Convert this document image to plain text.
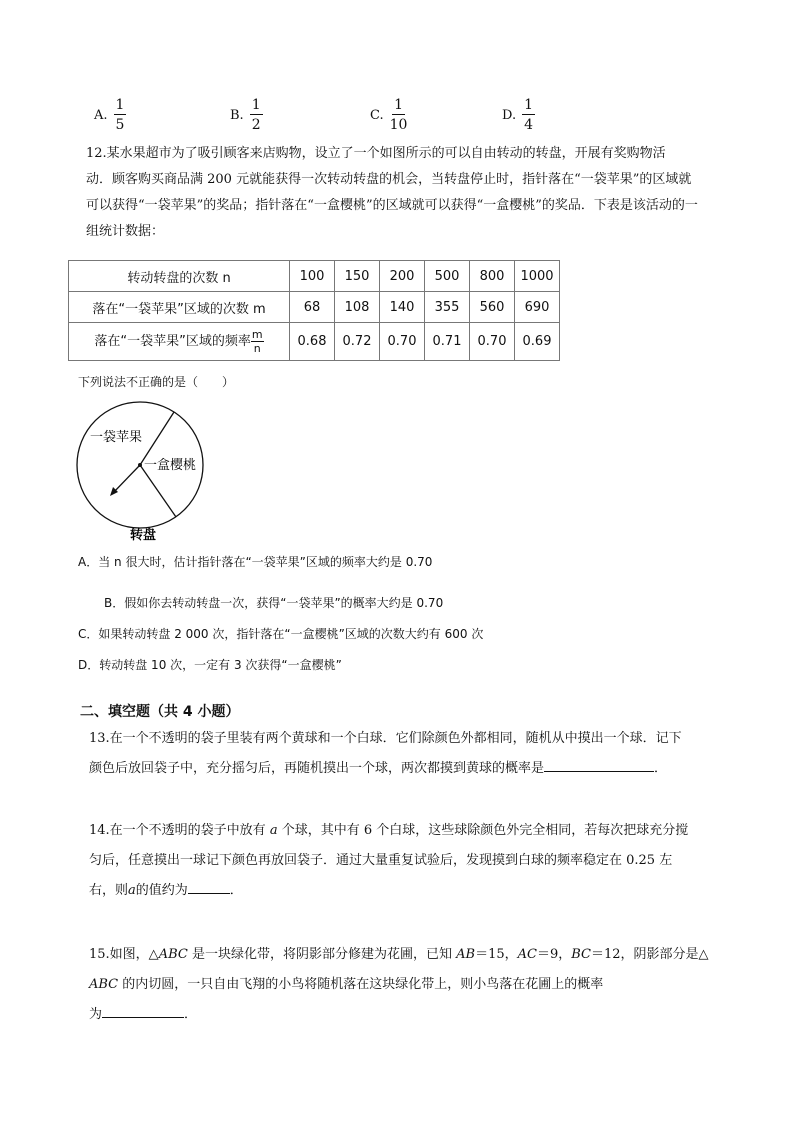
A. $\frac{1}{5}$	B. $\frac{1}{2}$	C. $\frac{1}{10}$	D. $\frac{1}{4}$
12.某水果超市为了吸引顾客来店购物，设立了一个如图所示的可以自由转动的转盘，开展有奖购物活
动．顾客购买商品满 200 元就能获得一次转动转盘的机会，当转盘停止时，指针落在“一袋苹果”的区域就
可以获得“一袋苹果”的奖品；指针落在“一盒樱桃”的区域就可以获得“一盒樱桃”的奖品．下表是该活动的一
组统计数据：
转动转盘的次数 n	100	150	200	500	800	1000
落在“一袋苹果”区域的次数 m	68	108	140	355	560	690
落在“一袋苹果”区域的频率 $\frac{m}{n}$	0.68	0.72	0.70	0.71	0.70	0.69
下列说法不正确的是（　　）
一袋苹果
一盒樱桃
转盘
A．当 n 很大时，估计指针落在“一袋苹果”区域的频率大约是 0.70
B．假如你去转动转盘一次，获得“一袋苹果”的概率大约是 0.70
C．如果转动转盘 2 000 次，指针落在“一盒樱桃”区域的次数大约有 600 次
D．转动转盘 10 次，一定有 3 次获得“一盒樱桃”
二、填空题（共 4 小题）
13.在一个不透明的袋子里装有两个黄球和一个白球．它们除颜色外都相同，随机从中摸出一个球．记下
颜色后放回袋子中，充分摇匀后，再随机摸出一个球，两次都摸到黄球的概率是	．
14.在一个不透明的袋子中放有 a 个球，其中有 6 个白球，这些球除颜色外完全相同，若每次把球充分搅
匀后，任意摸出一球记下颜色再放回袋子．通过大量重复试验后，发现摸到白球的频率稳定在 0.25 左
右，则a的值约为	．
15.如图，△ABC 是一块绿化带，将阴影部分修建为花圃，已知 AB＝15，AC＝9，BC＝12，阴影部分是△
ABC 的内切圆，一只自由飞翔的小鸟将随机落在这块绿化带上，则小鸟落在花圃上的概率
为	．
